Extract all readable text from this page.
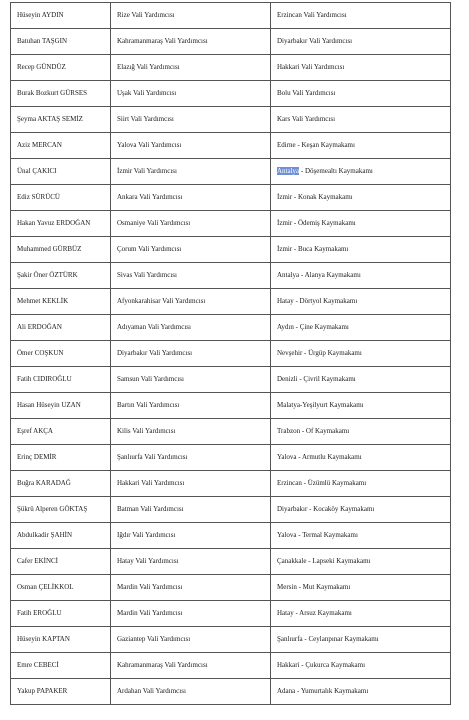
Hüseyin AYDIN	Rize Vali Yardımcısı	Erzincan Vali Yardımcısı
Batuhan TAŞGIN	Kahramanmaraş Vali Yardımcısı	Diyarbakır Vali Yardımcısı
Recep GÜNDÜZ	Elazığ Vali Yardımcısı	Hakkari Vali Yardımcısı
Burak Bozkurt GÜRSES	Uşak Vali Yardımcısı	Bolu Vali Yardımcısı
Şeyma AKTAŞ SEMİZ	Siirt Vali Yardımcısı	Kars Vali Yardımcısı
Aziz MERCAN	Yalova Vali Yardımcısı	Edirne - Keşan Kaymakamı
Ünal ÇAKICI	İzmir Vali Yardımcısı	Antalya - Döşemealtı Kaymakamı
Ediz SÜRÜCÜ	Ankara Vali Yardımcısı	İzmir - Konak Kaymakamı
Hakan Yavuz ERDOĞAN	Osmaniye Vali Yardımcısı	İzmir - Ödemiş Kaymakamı
Muhammed GÜRBÜZ	Çorum Vali Yardımcısı	İzmir - Buca Kaymakamı
Şakir Öner ÖZTÜRK	Sivas Vali Yardımcısı	Antalya - Alanya Kaymakamı
Mehmet KEKLİK	Afyonkarahisar Vali Yardımcısı	Hatay - Dörtyol Kaymakamı
Ali ERDOĞAN	Adıyaman Vali Yardımcısı	Aydın - Çine Kaymakamı
Ömer COŞKUN	Diyarbakır Vali Yardımcısı	Nevşehir - Ürgüp Kaymakamı
Fatih CIDIROĞLU	Samsun Vali Yardımcısı	Denizli - Çivril Kaymakamı
Hasan Hüseyin UZAN	Bartın Vali Yardımcısı	Malatya-Yeşilyurt Kaymakamı
Eşref AKÇA	Kilis Vali Yardımcısı	Trabzon - Of Kaymakamı
Erinç DEMİR	Şanlıurfa Vali Yardımcısı	Yalova - Armutlu Kaymakamı
Buğra KARADAĞ	Hakkari Vali Yardımcısı	Erzincan - Üzümlü Kaymakamı
Şükrü Alperen GÖKTAŞ	Batman Vali Yardımcısı	Diyarbakır - Kocaköy Kaymakamı
Abdulkadir ŞAHİN	Iğdır Vali Yardımcısı	Yalova - Termal Kaymakamı
Cafer EKİNCİ	Hatay Vali Yardımcısı	Çanakkale - Lapseki Kaymakamı
Osman ÇELİKKOL	Mardin Vali Yardımcısı	Mersin - Mut Kaymakamı
Fatih EROĞLU	Mardin Vali Yardımcısı	Hatay - Arsuz Kaymakamı
Hüseyin KAPTAN	Gaziantep Vali Yardımcısı	Şanlıurfa - Ceylanpınar Kaymakamı
Emre CEBECİ	Kahramanmaraş Vali Yardımcısı	Hakkari - Çukurca Kaymakamı
Yakup PAPAKER	Ardahan Vali Yardımcısı	Adana - Yumurtalık Kaymakamı
